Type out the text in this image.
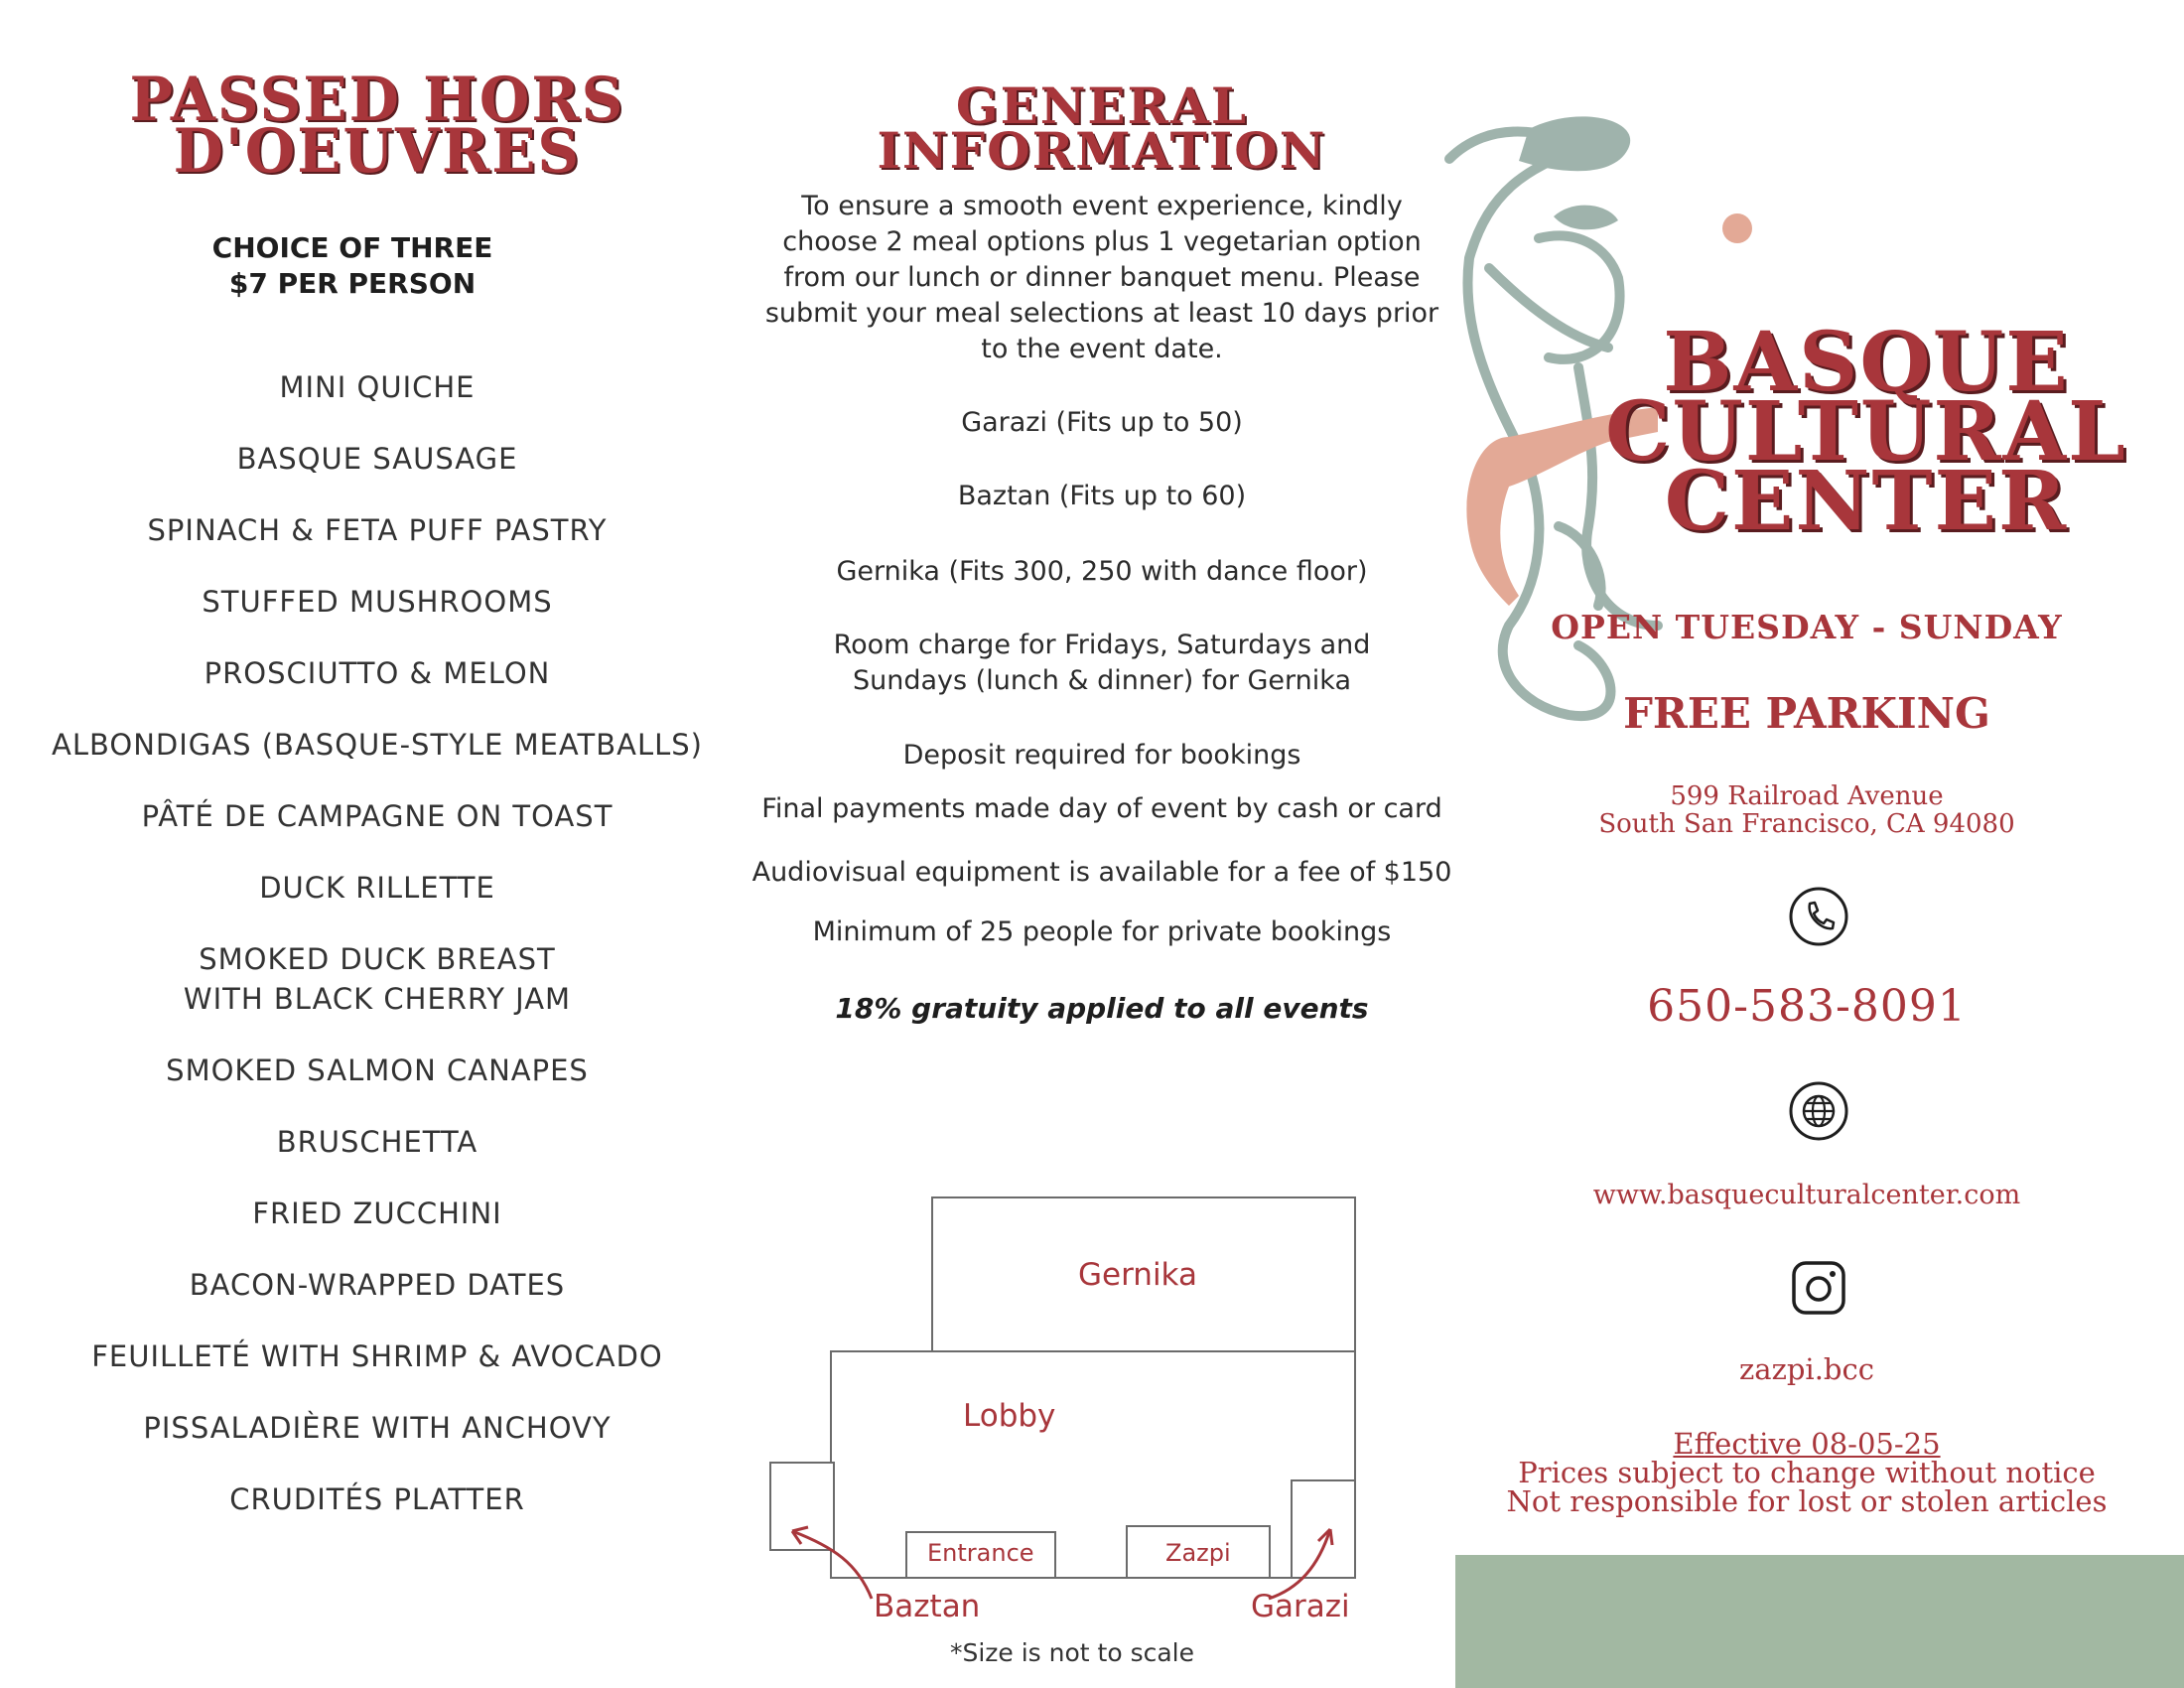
PASSED HORS
D'OEUVRES
CHOICE OF THREE
$7 PER PERSON
MINI QUICHE
BASQUE SAUSAGE
SPINACH & FETA PUFF PASTRY
STUFFED MUSHROOMS
PROSCIUTTO & MELON
ALBONDIGAS (BASQUE-STYLE MEATBALLS)
PÂTÉ DE CAMPAGNE ON TOAST
DUCK RILLETTE
SMOKED DUCK BREAST
WITH BLACK CHERRY JAM
SMOKED SALMON CANAPES
BRUSCHETTA
FRIED ZUCCHINI
BACON-WRAPPED DATES
FEUILLETÉ WITH SHRIMP & AVOCADO
PISSALADIÈRE WITH ANCHOVY
CRUDITÉS PLATTER
GENERAL INFORMATION

To ensure a smooth event experience, kindly choose 2 meal options plus 1 vegetarian option from our lunch or dinner banquet menu. Please submit your meal selections at least 10 days prior to the event date.

Garazi (Fits up to 50)
Baztan (Fits up to 60)
Gernika (Fits 300, 250 with dance floor)
Room charge for Fridays, Saturdays and
Sundays (lunch & dinner) for Gernika
Deposit required for bookings
Final payments made day of event by cash or card
Audiovisual equipment is available for a fee of $150
Minimum of 25 people for private bookings
18% gratuity applied to all events
Gernika
Lobby
Entrance	Zazpi
Baztan	Garazi
*Size is not to scale
BASQUE
CULTURAL
CENTER
OPEN TUESDAY - SUNDAY
FREE PARKING
599 Railroad Avenue
South San Francisco, CA 94080
650-583-8091
www.basqueculturalcenter.com
zazpi.bcc
Effective 08-05-25
Prices subject to change without notice
Not responsible for lost or stolen articles
